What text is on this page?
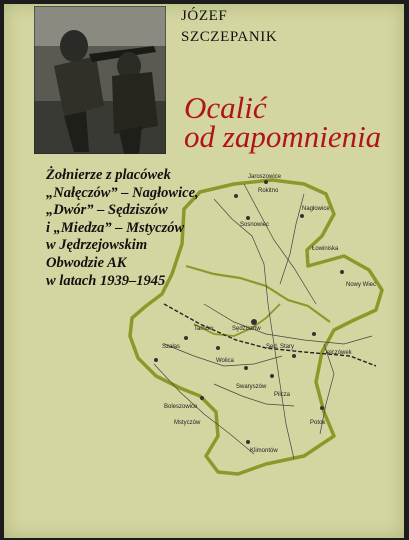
JÓZEF
SZCZEPANIK
Ocalić
od zapomnienia
Jaroszowice
Rokitno
Sosnowiec
Tarnów
Klimontów
Sędziszów
Szałas
Wolica
Swaryszów
Pilcza
Mstyczów
Boleszowice
Nowy Wiec
Łowiniska
Nagłowice
Jelczówek
Sęd. Stary
Potok
Żołnierze z placówek
„Nałęczów” – Nagłowice,
„Dwór” – Sędziszów
i „Miedza” – Mstyczów
w Jędrzejowskim
Obwodzie AK
w latach 1939–1945
